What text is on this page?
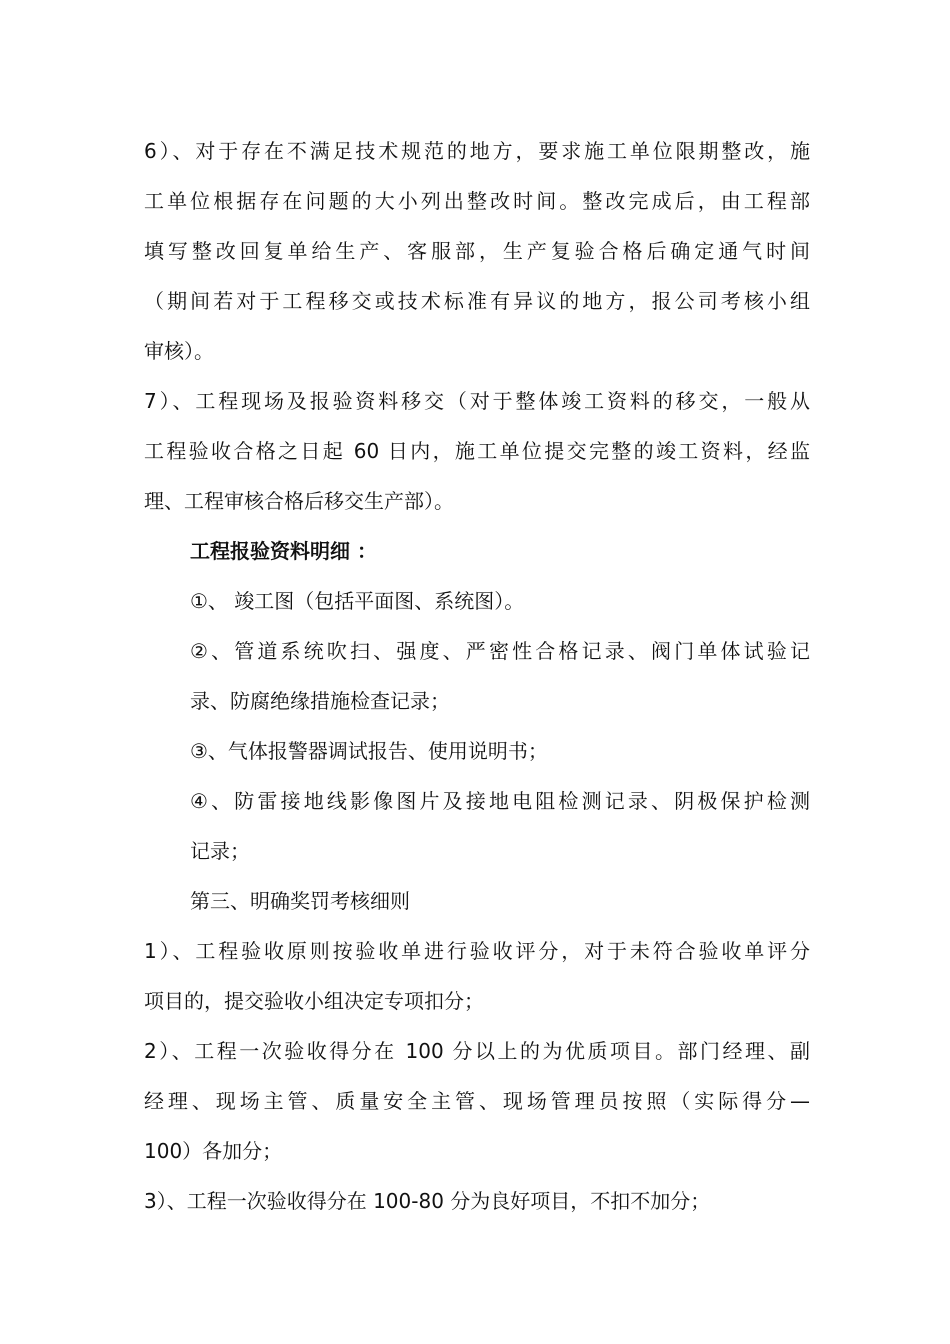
6）、对于存在不满足技术规范的地方，要求施工单位限期整改，施
工单位根据存在问题的大小列出整改时间。整改完成后，由工程部
填写整改回复单给生产、客服部，生产复验合格后确定通气时间
（期间若对于工程移交或技术标准有异议的地方，报公司考核小组
审核）。
7）、工程现场及报验资料移交（对于整体竣工资料的移交，一般从
工程验收合格之日起 60 日内，施工单位提交完整的竣工资料，经监
理、工程审核合格后移交生产部）。
工程报验资料明细 ：
①、 竣工图（包括平面图、系统图）。
②、管道系统吹扫、强度、严密性合格记录、阀门单体试验记
录、防腐绝缘措施检查记录；
③、气体报警器调试报告、使用说明书；
④、防雷接地线影像图片及接地电阻检测记录、阴极保护检测
记录；
第三、明确奖罚考核细则
1）、工程验收原则按验收单进行验收评分，对于未符合验收单评分
项目的，提交验收小组决定专项扣分；
2）、工程一次验收得分在 100 分以上的为优质项目。部门经理、副
经理、现场主管、质量安全主管、现场管理员按照（实际得分—
100）各加分；
3）、工程一次验收得分在 100-80 分为良好项目，不扣不加分；
